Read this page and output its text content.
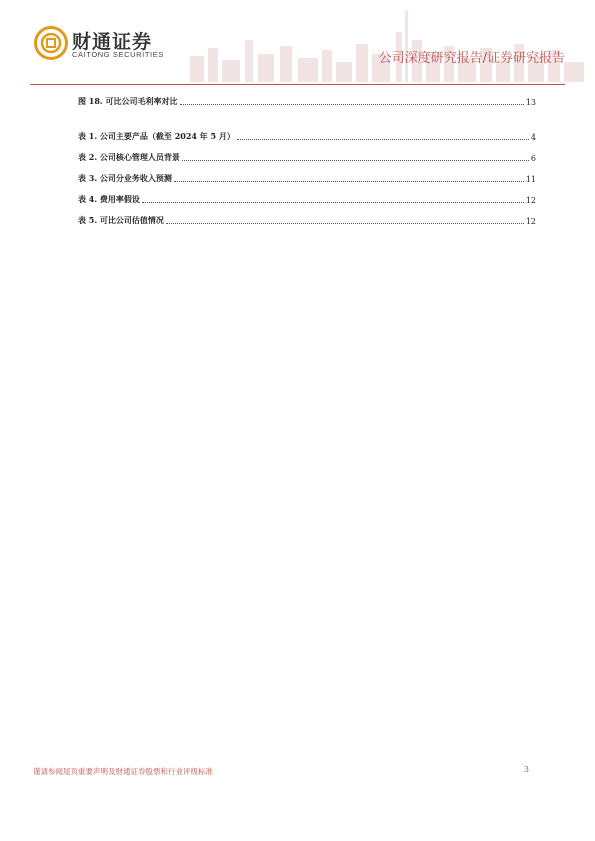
财通证券
CAITONG SECURITIES	公司深度研究报告/证券研究报告
图 18. 可比公司毛利率对比	13
表 1. 公司主要产品（截至 2024 年 5 月）	4
表 2. 公司核心管理人员背景	6
表 3. 公司分业务收入预测	11
表 4. 费用率假设	12
表 5. 可比公司估值情况	12
谨请参阅尾页重要声明及财通证券股票和行业评级标准	3
